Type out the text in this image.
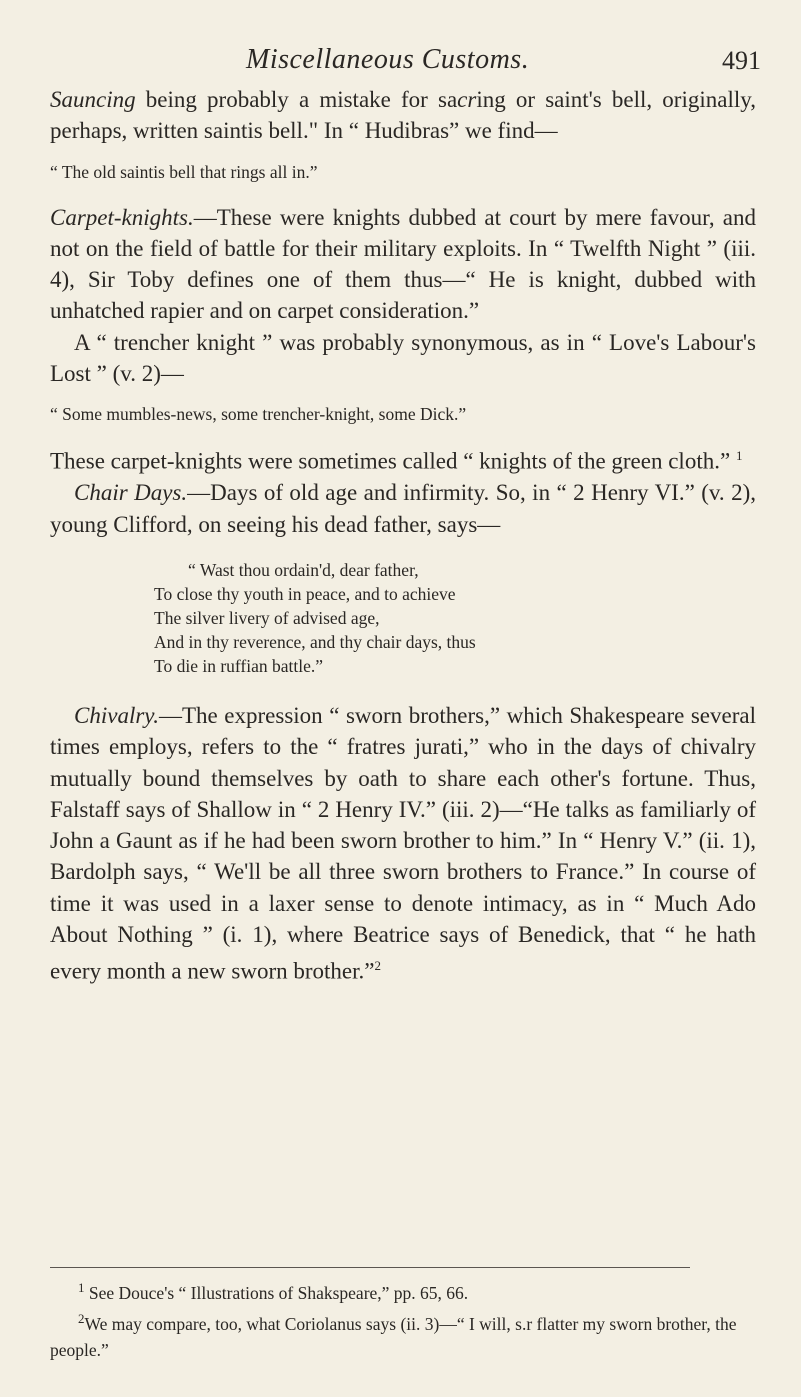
Miscellaneous Customs.	491

Sauncing being probably a mistake for sacring or saint's bell, originally, perhaps, written saintis bell." In “ Hudibras” we find—

“ The old saintis bell that rings all in.”

Carpet-knights.—These were knights dubbed at court by mere favour, and not on the field of battle for their military exploits. In “ Twelfth Night ” (iii. 4), Sir Toby defines one of them thus—“ He is knight, dubbed with unhatched rapier and on carpet consideration.”

A “ trencher knight ” was probably synonymous, as in “ Love's Labour's Lost ” (v. 2)—

“ Some mumbles-news, some trencher-knight, some Dick.”

These carpet-knights were sometimes called “ knights of the green cloth.” $^1$

Chair Days.—Days of old age and infirmity. So, in “ 2 Henry VI.” (v. 2), young Clifford, on seeing his dead father, says—

“ Wast thou ordain'd, dear father,

To close thy youth in peace, and to achieve

The silver livery of advised age,

And in thy reverence, and thy chair days, thus

To die in ruffian battle.”

Chivalry.—The expression “ sworn brothers,” which Shakespeare several times employs, refers to the “ fratres jurati,” who in the days of chivalry mutually bound themselves by oath to share each other's fortune. Thus, Falstaff says of Shallow in “ 2 Henry IV.” (iii. 2)—“He talks as familiarly of John a Gaunt as if he had been sworn brother to him.” In “ Henry V.” (ii. 1), Bardolph says, “ We'll be all three sworn brothers to France.” In course of time it was used in a laxer sense to denote intimacy, as in “ Much Ado About Nothing ” (i. 1), where Beatrice says of Benedick, that “ he hath every month a new sworn brother.”$^2$

$^1$ See Douce's “ Illustrations of Shakspeare,” pp. 65, 66.

$^2$We may compare, too, what Coriolanus says (ii. 3)—“ I will, s.r flatter my sworn brother, the people.”
